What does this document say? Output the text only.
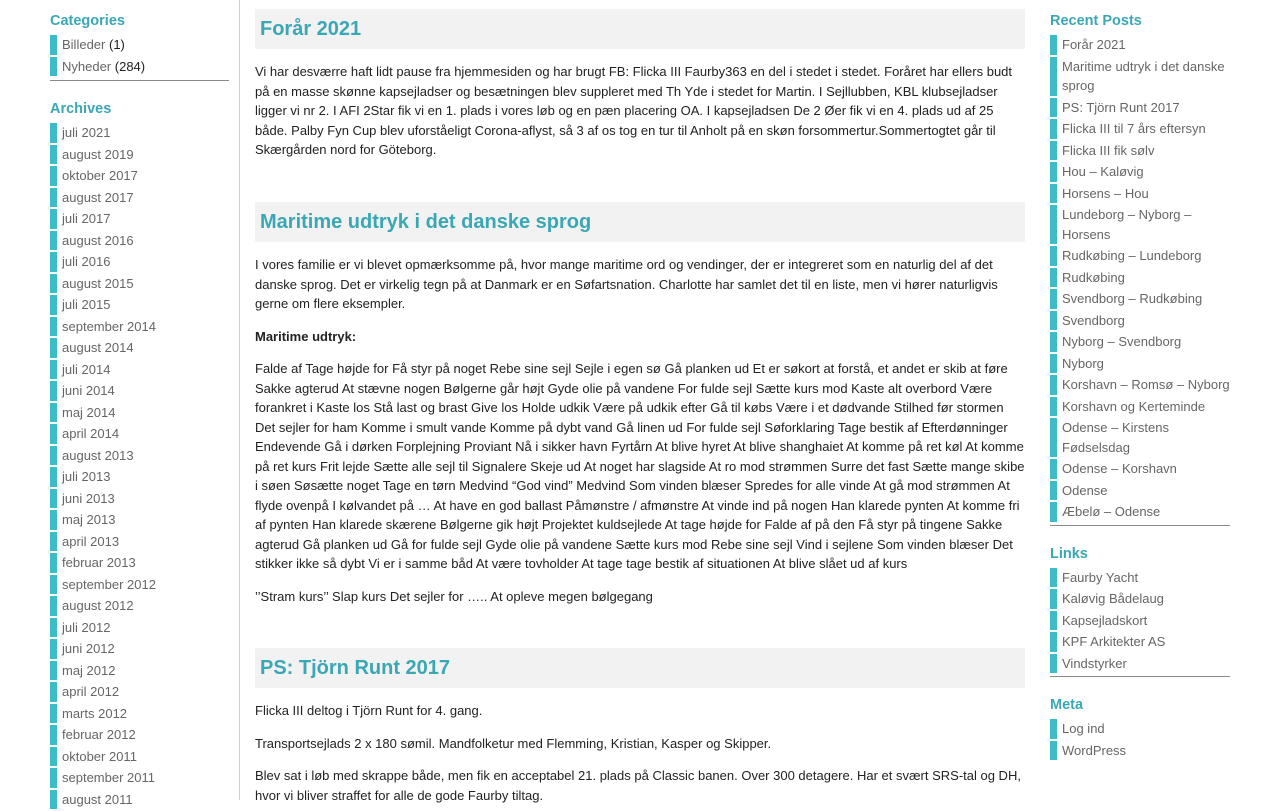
Categories
Billeder (1)
Nyheder (284)
Archives
juli 2021
august 2019
oktober 2017
august 2017
juli 2017
august 2016
juli 2016
august 2015
juli 2015
september 2014
august 2014
juli 2014
juni 2014
maj 2014
april 2014
august 2013
juli 2013
juni 2013
maj 2013
april 2013
februar 2013
september 2012
august 2012
juli 2012
juni 2012
maj 2012
april 2012
marts 2012
februar 2012
oktober 2011
september 2011
august 2011
Forår 2021

Vi har desværre haft lidt pause fra hjemmesiden og har brugt FB: Flicka III Faurby363 en del i stedet i stedet. Foråret har ellers budt på en masse skønne kapsejladser og besætningen blev suppleret med Th Yde i stedet for Martin. I Sejllubben, KBL klubsejladser ligger vi nr 2. I AFI 2Star fik vi en 1. plads i vores løb og en pæn placering OA. I kapsejladsen De 2 Øer fik vi en 4. plads ud af 25 både. Palby Fyn Cup blev uforståeligt Corona-aflyst, så 3 af os tog en tur til Anholt på en skøn forsommertur.Sommertogtet går til Skærgården nord for Göteborg.

Maritime udtryk i det danske sprog

I vores familie er vi blevet opmærksomme på, hvor mange maritime ord og vendinger, der er integreret som en naturlig del af det danske sprog. Det er virkelig tegn på at Danmark er en Søfartsnation. Charlotte har samlet det til en liste, men vi hører naturligvis gerne om flere eksempler.

Maritime udtryk:

Falde af Tage højde for Få styr på noget Rebe sine sejl Sejle i egen sø Gå planken ud Et er søkort at forstå, et andet er skib at føre Sakke agterud At stævne nogen Bølgerne går højt Gyde olie på vandene For fulde sejl Sætte kurs mod Kaste alt overbord Være forankret i Kaste los Stå last og brast Give los Holde udkik Være på udkik efter Gå til købs Være i et dødvande Stilhed før stormen Det sejler for ham Komme i smult vande Komme på dybt vand Gå linen ud For fulde sejl Søforklaring Tage bestik af Efterdønninger Endevende Gå i dørken Forplejning Proviant Nå i sikker havn Fyrtårn At blive hyret At blive shanghaiet At komme på ret køl At komme på ret kurs Frit lejde Sætte alle sejl til Signalere Skeje ud At noget har slagside At ro mod strømmen Surre det fast Sætte mange skibe i søen Søsætte noget Tage en tørn Medvind “God vind” Medvind Som vinden blæser Spredes for alle vinde At gå mod strømmen At flyde ovenpå I kølvandet på … At have en god ballast Påmønstre / afmønstre At vinde ind på nogen Han klarede pynten At komme fri af pynten Han klarede skærene Bølgerne gik højt Projektet kuldsejlede At tage højde for Falde af på den Få styr på tingene Sakke agterud Gå planken ud Gå for fulde sejl Gyde olie på vandene Sætte kurs mod Rebe sine sejl Vind i sejlene Som vinden blæser Det stikker ikke så dybt Vi er i samme båd At være tovholder At tage tage bestik af situationen At blive slået ud af kurs

’’Stram kurs’’ Slap kurs Det sejler for ….. At opleve megen bølgegang

PS: Tjörn Runt 2017

Flicka III deltog i Tjörn Runt for 4. gang.

Transportsejlads 2 x 180 sømil. Mandfolketur med Flemming, Kristian, Kasper og Skipper.

Blev sat i løb med skrappe både, men fik en acceptabel 21. plads på Classic banen. Over 300 detagere. Har et svært SRS-tal og DH, hvor vi bliver straffet for alle de gode Faurby tiltag.

Recent Posts
Forår 2021
Maritime udtryk i det danske sprog
PS: Tjörn Runt 2017
Flicka III til 7 års eftersyn
Flicka III fik sølv
Hou – Kaløvig
Horsens – Hou
Lundeborg – Nyborg – Horsens
Rudkøbing – Lundeborg
Rudkøbing
Svendborg – Rudkøbing
Svendborg
Nyborg – Svendborg
Nyborg
Korshavn – Romsø – Nyborg
Korshavn og Kerteminde
Odense – Kirstens Fødselsdag
Odense – Korshavn
Odense
Æbelø – Odense
Links
Faurby Yacht
Kaløvig Bådelaug
Kapsejladskort
KPF Arkitekter AS
Vindstyrker
Meta
Log ind
WordPress
